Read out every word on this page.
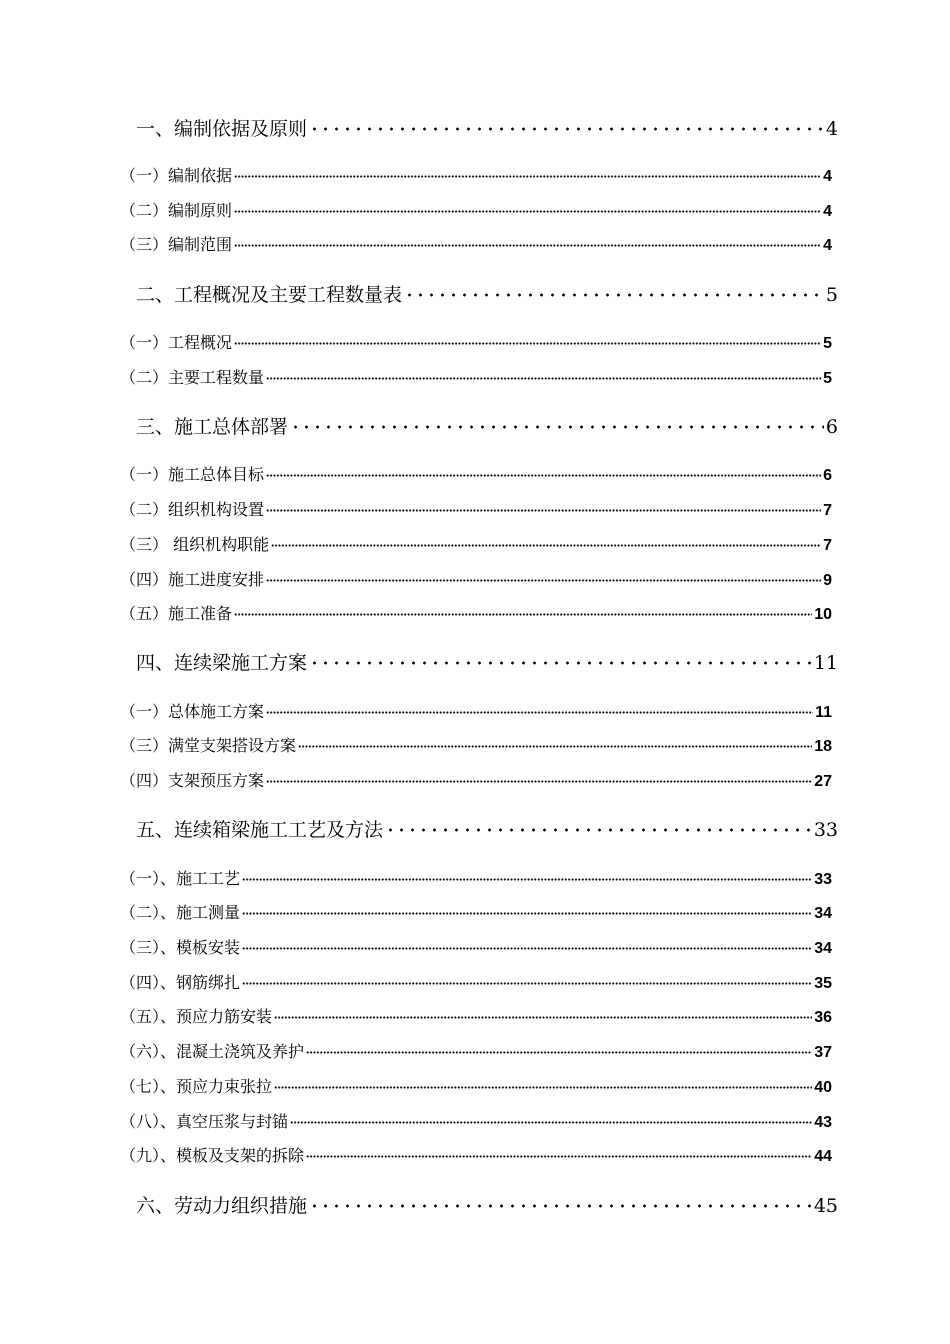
一、编制依据及原则	4
（一）编制依据	4
（二）编制原则	4
（三）编制范围	4
二、工程概况及主要工程数量表	5
（一）工程概况	5
（二）主要工程数量	5
三、施工总体部署	6
（一）施工总体目标	6
（二）组织机构设置	7
（三） 组织机构职能	7
（四）施工进度安排	9
（五）施工准备	10
四、连续梁施工方案	11
（一）总体施工方案	11
（三）满堂支架搭设方案	18
（四）支架预压方案	27
五、连续箱梁施工工艺及方法	33
（一）、施工工艺	33
（二）、施工测量	34
（三）、模板安装	34
（四）、钢筋绑扎	35
（五）、预应力筋安装	36
（六）、混凝土浇筑及养护	37
（七）、预应力束张拉	40
（八）、真空压浆与封锚	43
（九）、模板及支架的拆除	44
六、劳动力组织措施	45
